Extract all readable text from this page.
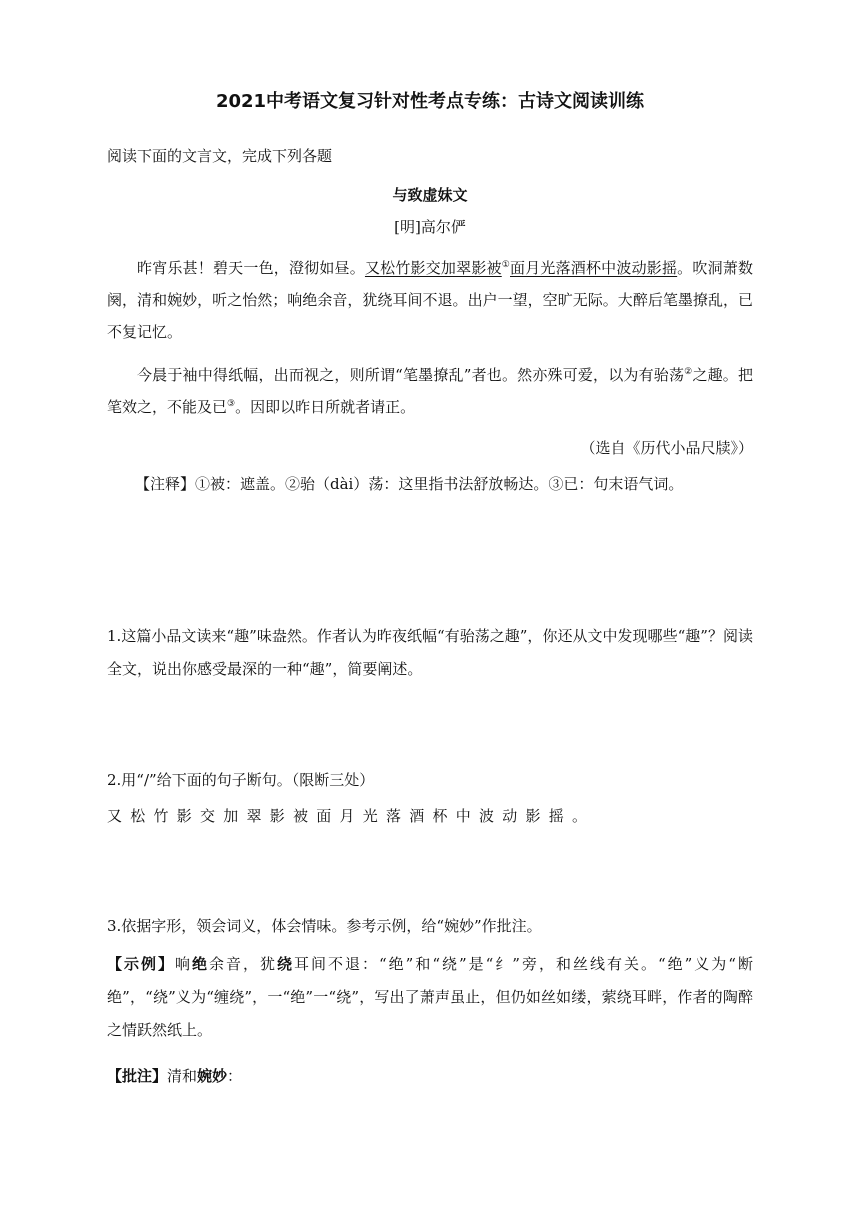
2021中考语文复习针对性考点专练：古诗文阅读训练

阅读下面的文言文，完成下列各题

与致虚妹文

[明]高尔俨

昨宵乐甚！碧天一色，澄彻如昼。又松竹影交加翠影被①面月光落酒杯中波动影摇。吹洞萧数阕，清和婉妙，听之怡然；响绝余音，犹绕耳间不退。出户一望，空旷无际。大醉后笔墨撩乱，已不复记忆。

今晨于袖中得纸幅，出而视之，则所谓“笔墨撩乱”者也。然亦殊可爱，以为有骀荡②之趣。把笔效之，不能及已③。因即以昨日所就者请正。

（选自《历代小品尺牍》）

【注释】①被：遮盖。②骀（dài）荡：这里指书法舒放畅达。③已：句末语气词。

1.这篇小品文读来“趣”味盎然。作者认为昨夜纸幅“有骀荡之趣”，你还从文中发现哪些“趣”？阅读全文，说出你感受最深的一种“趣”，简要阐述。

2.用“/”给下面的句子断句。（限断三处）

又松竹影交加翠影被面月光落酒杯中波动影摇。

3.依据字形，领会词义，体会情味。参考示例，给“婉妙”作批注。

【示例】响绝余音，犹绕耳间不退：“绝”和“绕”是“纟”旁，和丝线有关。“绝”义为“断绝”，“绕”义为“缠绕”，一“绝”一“绕”，写出了萧声虽止，但仍如丝如缕，萦绕耳畔，作者的陶醉之情跃然纸上。

【批注】清和婉妙：
